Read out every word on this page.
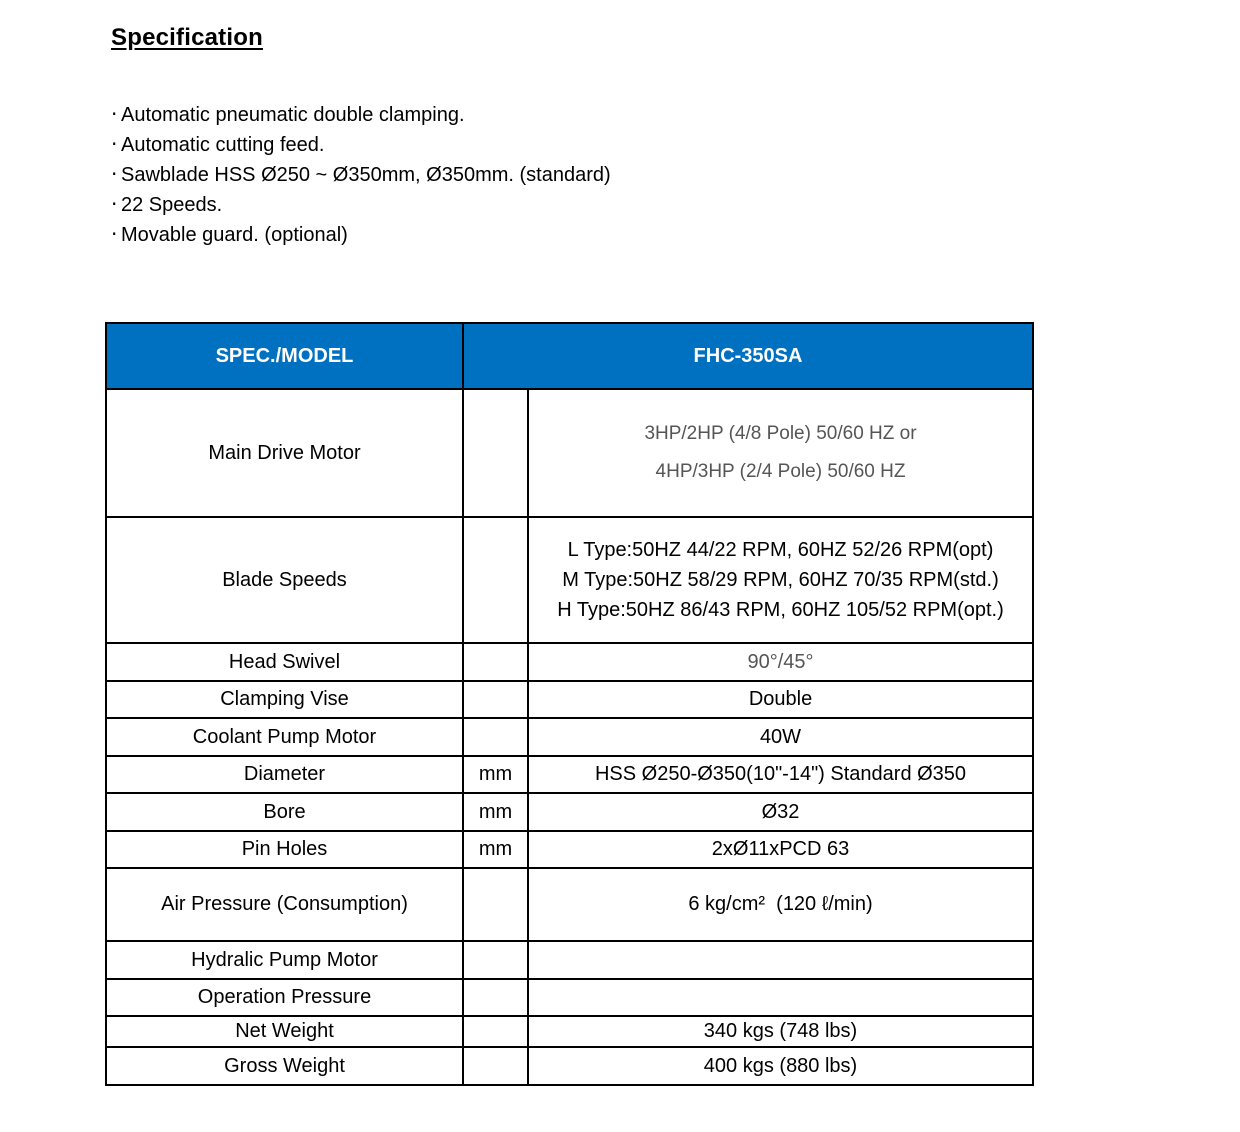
Specification
‧ Automatic pneumatic double clamping.
‧ Automatic cutting feed.
‧ Sawblade HSS Ø250 ~ Ø350mm, Ø350mm. (standard)
‧ 22 Speeds.
‧ Movable guard. (optional)
SPEC./MODEL	FHC-350SA	
Main Drive Motor		3HP/2HP (4/8 Pole) 50/60 HZ or
4HP/3HP (2/4 Pole) 50/60 HZ

Blade Speeds		L Type:50HZ 44/22 RPM, 60HZ 52/26 RPM(opt)
M Type:50HZ 58/29 RPM, 60HZ 70/35 RPM(std.)
H Type:50HZ 86/43 RPM, 60HZ 105/52 RPM(opt.)

Head Swivel		90°/45°
Clamping Vise		Double
Coolant Pump Motor		40W
Diameter	mm	HSS Ø250-Ø350(10"-14") Standard Ø350
Bore	mm	Ø32
Pin Holes	mm	2xØ11xPCD 63
Air Pressure (Consumption)		6 kg/cm²  (120 ℓ/min)
Hydralic Pump Motor		
Operation Pressure		
Net Weight		340 kgs (748 lbs)
Gross Weight		400 kgs (880 lbs)
